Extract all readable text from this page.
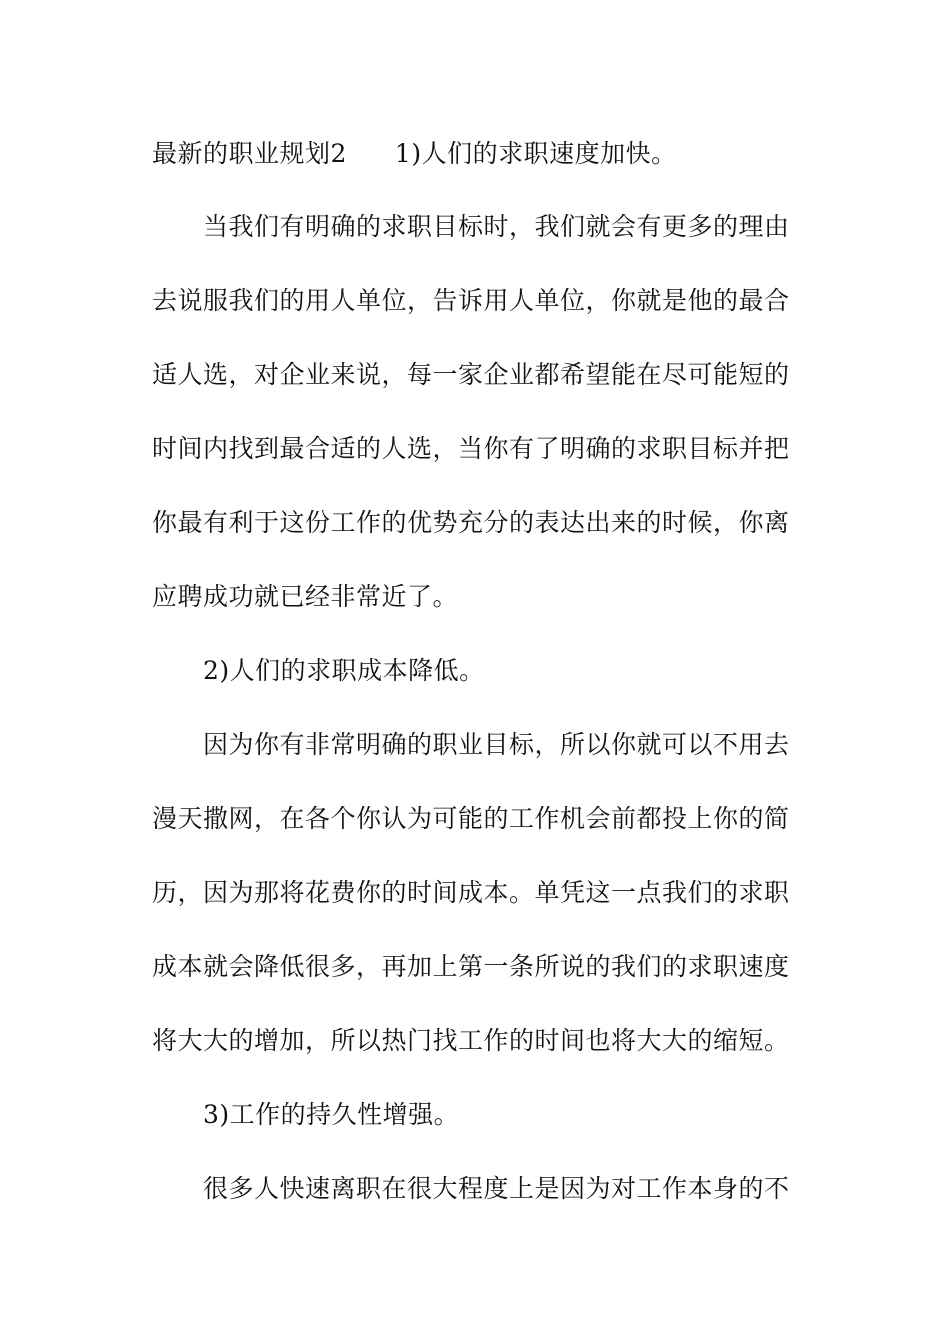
最新的职业规划2 1)人们的求职速度加快。
　　当我们有明确的求职目标时，我们就会有更多的理由
去说服我们的用人单位，告诉用人单位，你就是他的最合
适人选，对企业来说，每一家企业都希望能在尽可能短的
时间内找到最合适的人选，当你有了明确的求职目标并把
你最有利于这份工作的优势充分的表达出来的时候，你离
应聘成功就已经非常近了。
　　2)人们的求职成本降低。
　　因为你有非常明确的职业目标，所以你就可以不用去
漫天撒网，在各个你认为可能的工作机会前都投上你的简
历，因为那将花费你的时间成本。单凭这一点我们的求职
成本就会降低很多，再加上第一条所说的我们的求职速度
将大大的增加，所以热门找工作的时间也将大大的缩短。
　　3)工作的持久性增强。
　　很多人快速离职在很大程度上是因为对工作本身的不
